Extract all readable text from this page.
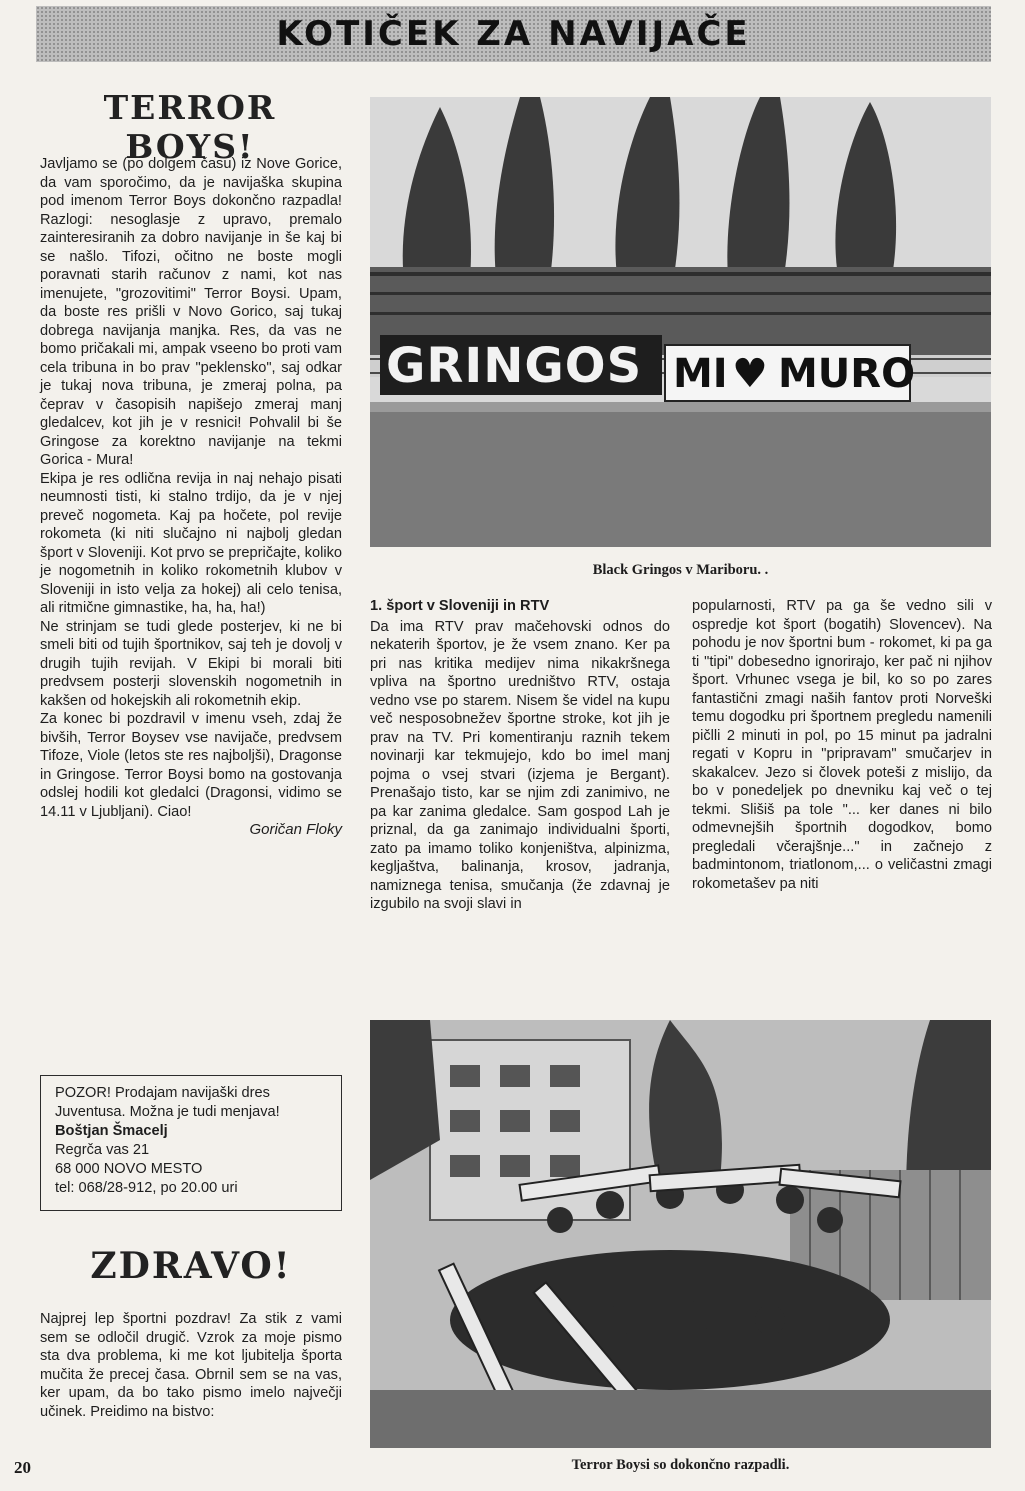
KOTIČEK ZA NAVIJAČE
TERROR BOYS!

Javljamo se (po dolgem času) iz Nove Gorice, da vam sporočimo, da je navijaška skupina pod imenom Terror Boys dokončno razpadla! Razlogi: nesoglasje z upravo, premalo zainteresiranih za dobro navijanje in še kaj bi se našlo. Tifozi, očitno ne boste mogli poravnati starih računov z nami, kot nas imenujete, "grozovitimi" Terror Boysi. Upam, da boste res prišli v Novo Gorico, saj tukaj dobrega navijanja manjka. Res, da vas ne bomo pričakali mi, ampak vseeno bo proti vam cela tribuna in bo prav "peklensko", saj odkar je tukaj nova tribuna, je zmeraj polna, pa čeprav v časopisih napišejo zmeraj manj gledalcev, kot jih je v resnici! Pohvalil bi še Gringose za korektno navijanje na tekmi Gorica - Mura!

Ekipa je res odlična revija in naj nehajo pisati neumnosti tisti, ki stalno trdijo, da je v njej preveč nogometa. Kaj pa hočete, pol revije rokometa (ki niti slučajno ni najbolj gledan šport v Sloveniji. Kot prvo se prepričajte, koliko je nogometnih in koliko rokometnih klubov v Sloveniji in isto velja za hokej) ali celo tenisa, ali ritmične gimnastike, ha, ha, ha!)

Ne strinjam se tudi glede posterjev, ki ne bi smeli biti od tujih športnikov, saj teh je dovolj v drugih tujih revijah. V Ekipi bi morali biti predvsem posterji slovenskih nogometnih in kakšen od hokejskih ali rokometnih ekip.

Za konec bi pozdravil v imenu vseh, zdaj že bivših, Terror Boysev vse navijače, predvsem Tifoze, Viole (letos ste res najboljši), Dragonse in Gringose. Terror Boysi bomo na gostovanja odslej hodili kot gledalci (Dragonsi, vidimo se 14.11 v Ljubljani). Ciao!

Goričan Floky
POZOR! Prodajam navijaški dres Juventusa. Možna je tudi menjava!
Boštjan Šmacelj
Regrča vas 21
68 000 NOVO MESTO
tel: 068/28-912, po 20.00 uri
ZDRAVO!
Najprej lep športni pozdrav! Za stik z vami sem se odločil drugič. Vzrok za moje pismo sta dva problema, ki me kot ljubitelja športa mučita že precej časa. Obrnil sem se na vas, ker upam, da bo tako pismo imelo največji učinek. Preidimo na bistvo:
GRINGOS MI ♥ MURO
Black Gringos v Mariboru. .
1. šport v Sloveniji in RTV
Da ima RTV prav mačehovski odnos do nekaterih športov, je že vsem znano. Ker pa pri nas kritika medijev nima nikakršnega vpliva na športno uredništvo RTV, ostaja vedno vse po starem. Nisem še videl na kupu več nesposobnežev športne stroke, kot jih je prav na TV. Pri komentiranju raznih tekem novinarji kar tekmujejo, kdo bo imel manj pojma o vsej stvari (izjema je Bergant). Prenašajo tisto, kar se njim zdi zanimivo, ne pa kar zanima gledalce. Sam gospod Lah je priznal, da ga zanimajo individualni športi, zato pa imamo toliko konjeništva, alpinizma, kegljaštva, balinanja, krosov, jadranja, namiznega tenisa, smučanja (že zdavnaj je izgubilo na svoji slavi in
popularnosti, RTV pa ga še vedno sili v ospredje kot šport (bogatih) Slovencev). Na pohodu je nov športni bum - rokomet, ki pa ga ti "tipi" dobesedno ignorirajo, ker pač ni njihov šport. Vrhunec vsega je bil, ko so po zares fantastični zmagi naših fantov proti Norveški temu dogodku pri športnem pregledu namenili pičlli 2 minuti in pol, po 15 minut pa jadralni regati v Kopru in "pripravam" smučarjev in skakalcev. Jezo si človek poteši z mislijo, da bo v ponedeljek po dnevniku kaj več o tej tekmi. Slišiš pa tole "... ker danes ni bilo odmevnejših športnih dogodkov, bomo pregledali včerajšnje..." in začnejo z badmintonom, triatlonom,... o veličastni zmagi rokometašev pa niti
Terror Boysi so dokončno razpadli.
20
